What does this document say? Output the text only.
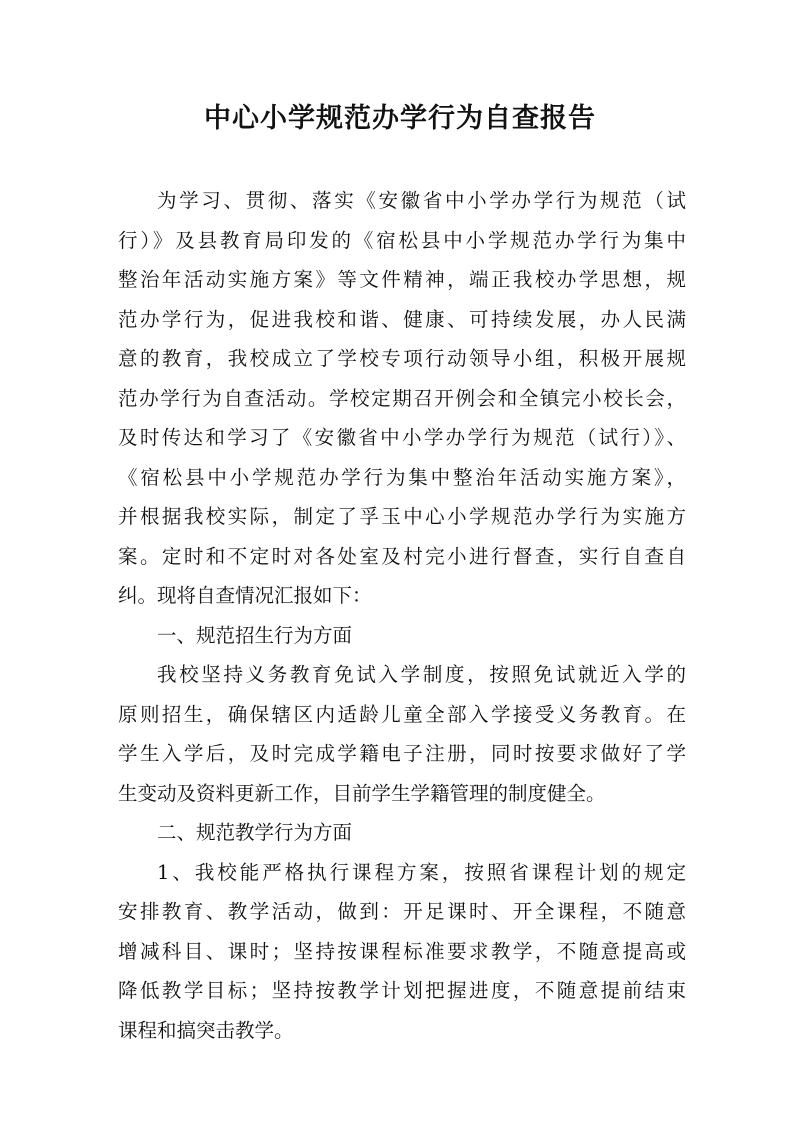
中心小学规范办学行为自查报告
为学习、贯彻、落实《安徽省中小学办学行为规范（试
行）》及县教育局印发的《宿松县中小学规范办学行为集中
整治年活动实施方案》等文件精神，端正我校办学思想，规
范办学行为，促进我校和谐、健康、可持续发展，办人民满
意的教育，我校成立了学校专项行动领导小组，积极开展规
范办学行为自查活动。学校定期召开例会和全镇完小校长会，
及时传达和学习了《安徽省中小学办学行为规范（试行）》、
《宿松县中小学规范办学行为集中整治年活动实施方案》，
并根据我校实际，制定了孚玉中心小学规范办学行为实施方
案。定时和不定时对各处室及村完小进行督查，实行自查自
纠。现将自查情况汇报如下：
一、规范招生行为方面
我校坚持义务教育免试入学制度，按照免试就近入学的
原则招生，确保辖区内适龄儿童全部入学接受义务教育。在
学生入学后，及时完成学籍电子注册，同时按要求做好了学
生变动及资料更新工作，目前学生学籍管理的制度健全。
二、规范教学行为方面
1、我校能严格执行课程方案，按照省课程计划的规定
安排教育、教学活动，做到：开足课时、开全课程，不随意
增减科目、课时；坚持按课程标准要求教学，不随意提高或
降低教学目标；坚持按教学计划把握进度，不随意提前结束
课程和搞突击教学。
